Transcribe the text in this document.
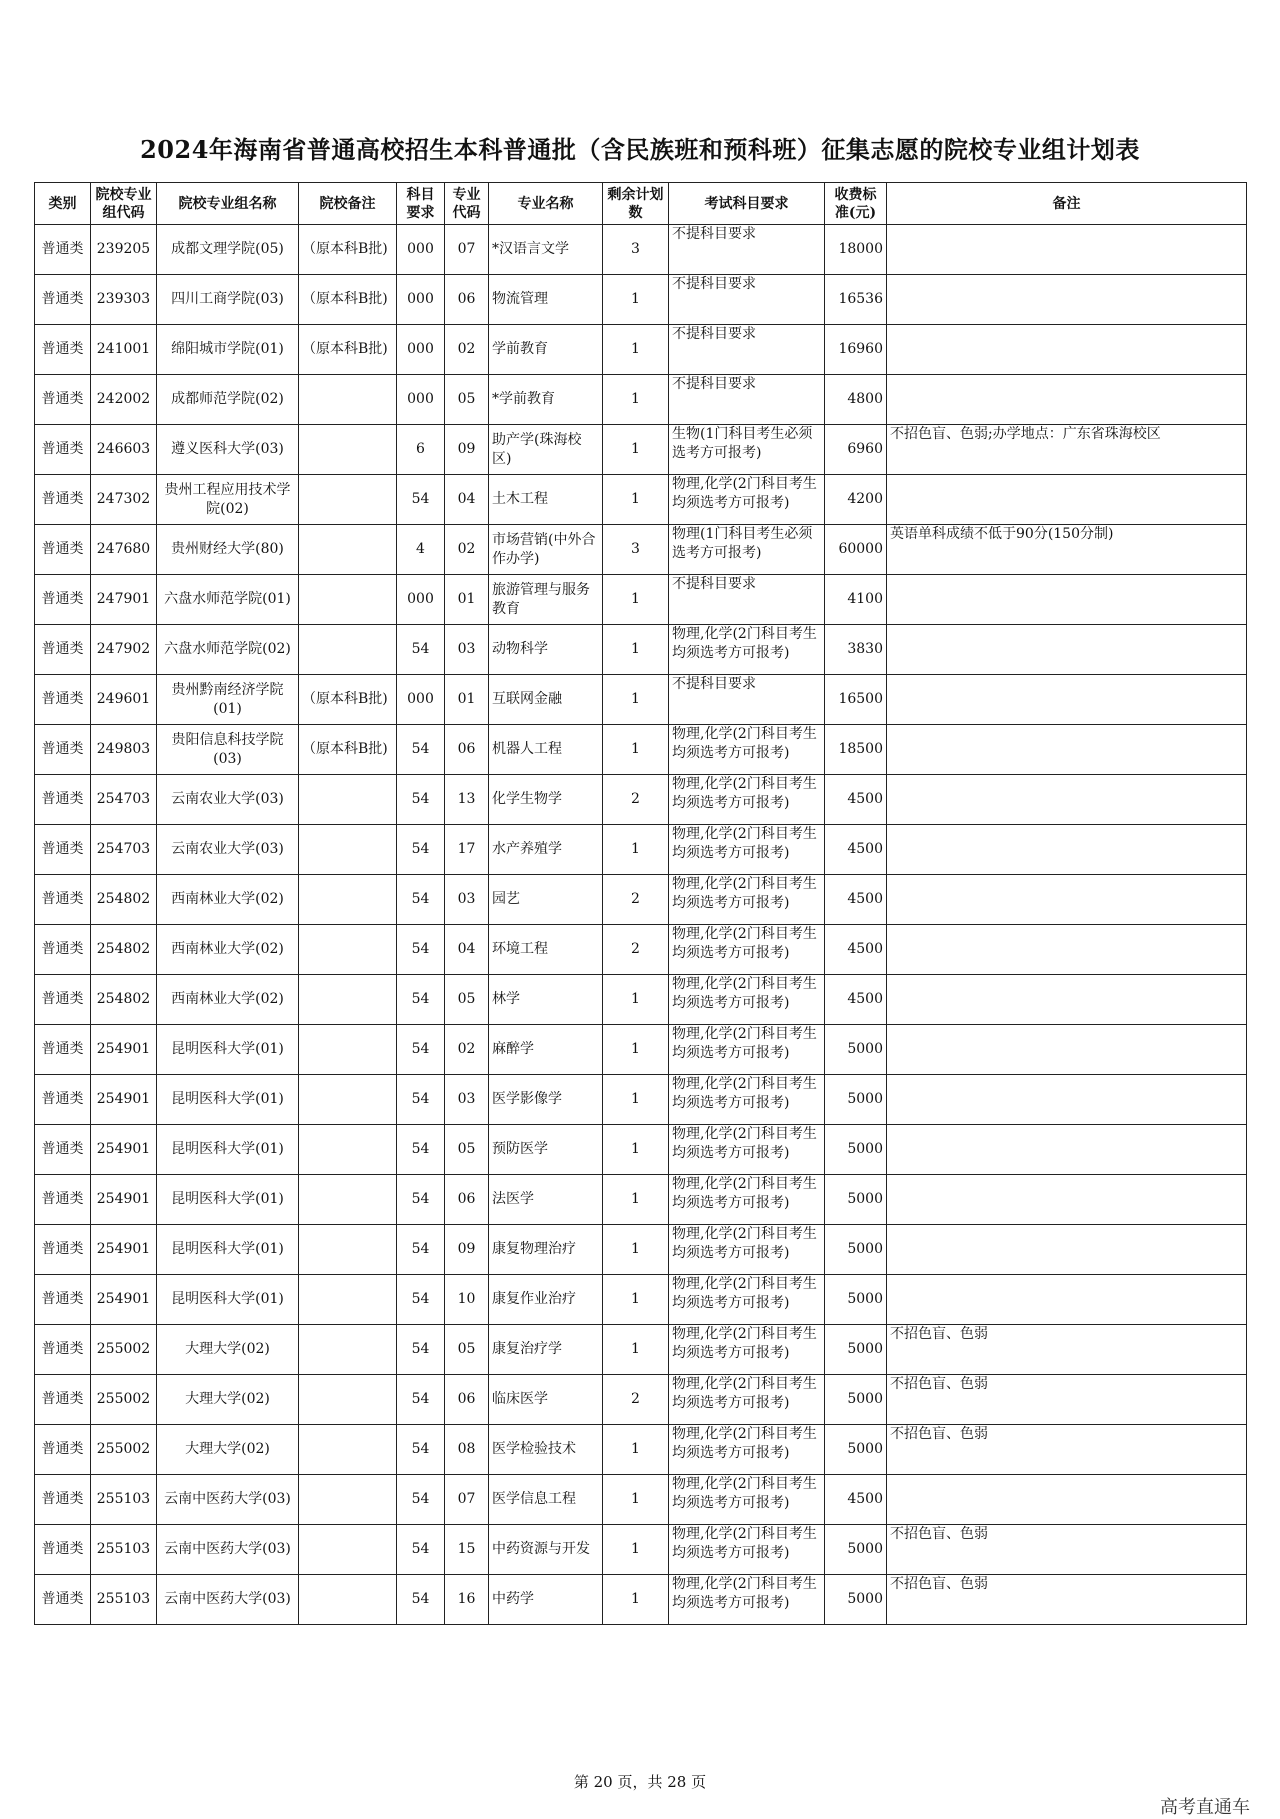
2024年海南省普通高校招生本科普通批（含民族班和预科班）征集志愿的院校专业组计划表
类别	院校专业组代码	院校专业组名称	院校备注	科目要求	专业代码	专业名称	剩余计划数	考试科目要求	收费标准(元)	备注
普通类	239205	成都文理学院(05)	（原本科B批)	000	07	*汉语言文学	3	不提科目要求	18000	
普通类	239303	四川工商学院(03)	（原本科B批)	000	06	物流管理	1	不提科目要求	16536	
普通类	241001	绵阳城市学院(01)	（原本科B批)	000	02	学前教育	1	不提科目要求	16960	
普通类	242002	成都师范学院(02)		000	05	*学前教育	1	不提科目要求	4800	
普通类	246603	遵义医科大学(03)		6	09	助产学(珠海校区)	1	生物(1门科目考生必须选考方可报考)	6960	不招色盲、色弱;办学地点：广东省珠海校区
普通类	247302	贵州工程应用技术学院(02)		54	04	土木工程	1	物理,化学(2门科目考生均须选考方可报考)	4200	
普通类	247680	贵州财经大学(80)		4	02	市场营销(中外合作办学)	3	物理(1门科目考生必须选考方可报考)	60000	英语单科成绩不低于90分(150分制)
普通类	247901	六盘水师范学院(01)		000	01	旅游管理与服务教育	1	不提科目要求	4100	
普通类	247902	六盘水师范学院(02)		54	03	动物科学	1	物理,化学(2门科目考生均须选考方可报考)	3830	
普通类	249601	贵州黔南经济学院(01)	（原本科B批)	000	01	互联网金融	1	不提科目要求	16500	
普通类	249803	贵阳信息科技学院(03)	（原本科B批)	54	06	机器人工程	1	物理,化学(2门科目考生均须选考方可报考)	18500	
普通类	254703	云南农业大学(03)		54	13	化学生物学	2	物理,化学(2门科目考生均须选考方可报考)	4500	
普通类	254703	云南农业大学(03)		54	17	水产养殖学	1	物理,化学(2门科目考生均须选考方可报考)	4500	
普通类	254802	西南林业大学(02)		54	03	园艺	2	物理,化学(2门科目考生均须选考方可报考)	4500	
普通类	254802	西南林业大学(02)		54	04	环境工程	2	物理,化学(2门科目考生均须选考方可报考)	4500	
普通类	254802	西南林业大学(02)		54	05	林学	1	物理,化学(2门科目考生均须选考方可报考)	4500	
普通类	254901	昆明医科大学(01)		54	02	麻醉学	1	物理,化学(2门科目考生均须选考方可报考)	5000	
普通类	254901	昆明医科大学(01)		54	03	医学影像学	1	物理,化学(2门科目考生均须选考方可报考)	5000	
普通类	254901	昆明医科大学(01)		54	05	预防医学	1	物理,化学(2门科目考生均须选考方可报考)	5000	
普通类	254901	昆明医科大学(01)		54	06	法医学	1	物理,化学(2门科目考生均须选考方可报考)	5000	
普通类	254901	昆明医科大学(01)		54	09	康复物理治疗	1	物理,化学(2门科目考生均须选考方可报考)	5000	
普通类	254901	昆明医科大学(01)		54	10	康复作业治疗	1	物理,化学(2门科目考生均须选考方可报考)	5000	
普通类	255002	大理大学(02)		54	05	康复治疗学	1	物理,化学(2门科目考生均须选考方可报考)	5000	不招色盲、色弱
普通类	255002	大理大学(02)		54	06	临床医学	2	物理,化学(2门科目考生均须选考方可报考)	5000	不招色盲、色弱
普通类	255002	大理大学(02)		54	08	医学检验技术	1	物理,化学(2门科目考生均须选考方可报考)	5000	不招色盲、色弱
普通类	255103	云南中医药大学(03)		54	07	医学信息工程	1	物理,化学(2门科目考生均须选考方可报考)	4500	
普通类	255103	云南中医药大学(03)		54	15	中药资源与开发	1	物理,化学(2门科目考生均须选考方可报考)	5000	不招色盲、色弱
普通类	255103	云南中医药大学(03)		54	16	中药学	1	物理,化学(2门科目考生均须选考方可报考)	5000	不招色盲、色弱
第 20 页，共 28 页
高考直通车
